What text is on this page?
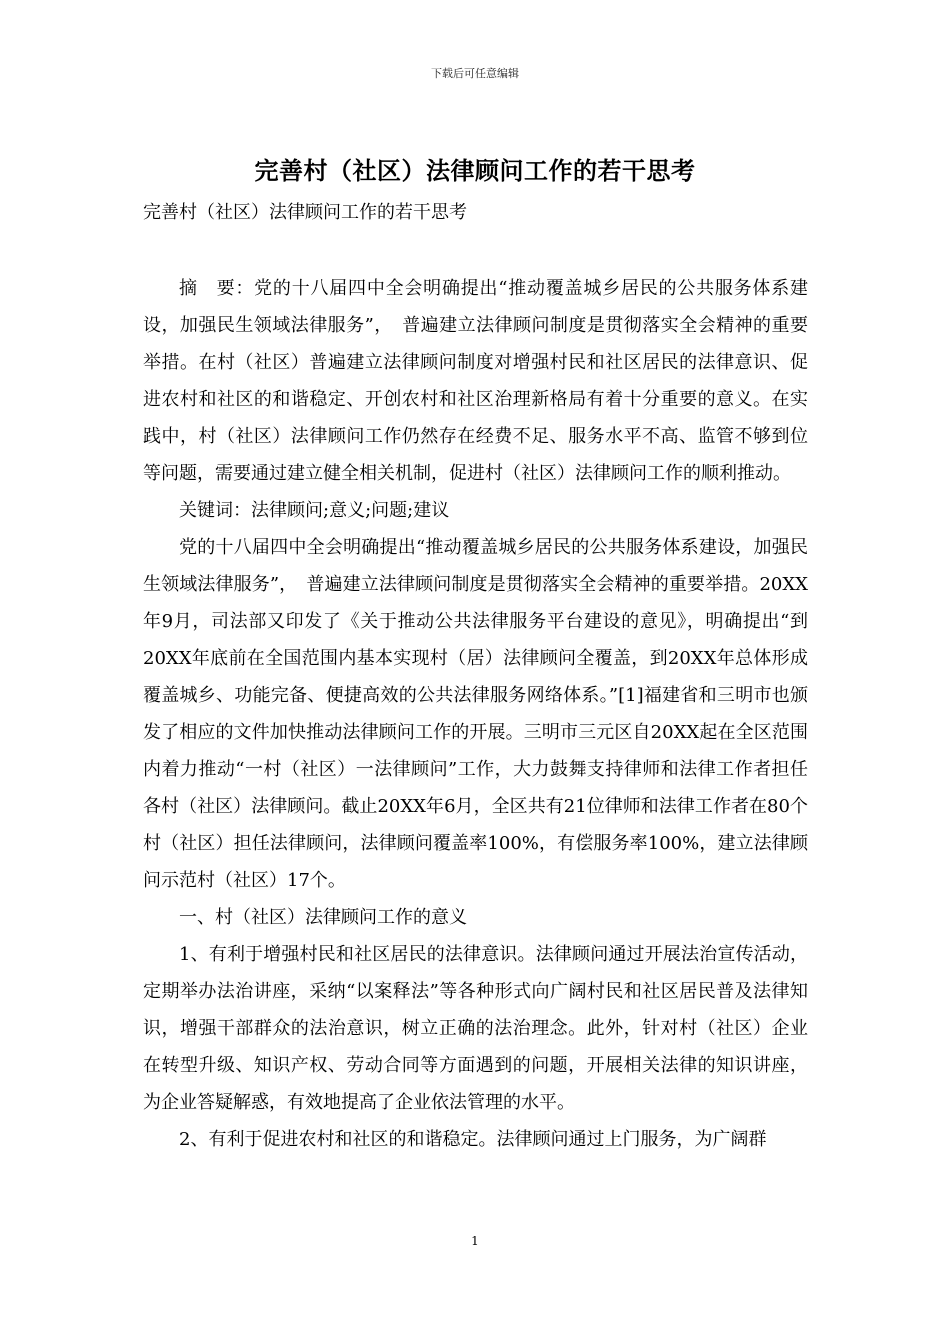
下载后可任意编辑
完善村（社区）法律顾问工作的若干思考
完善村（社区）法律顾问工作的若干思考

摘　要：党的十八届四中全会明确提出“推动覆盖城乡居民的公共服务体系建设，加强民生领域法律服务”，　普遍建立法律顾问制度是贯彻落实全会精神的重要举措。在村（社区）普遍建立法律顾问制度对增强村民和社区居民的法律意识、促进农村和社区的和谐稳定、开创农村和社区治理新格局有着十分重要的意义。在实践中，村（社区）法律顾问工作仍然存在经费不足、服务水平不高、监管不够到位等问题，需要通过建立健全相关机制，促进村（社区）法律顾问工作的顺利推动。

关键词：法律顾问;意义;问题;建议

党的十八届四中全会明确提出“推动覆盖城乡居民的公共服务体系建设，加强民生领域法律服务”，　普遍建立法律顾问制度是贯彻落实全会精神的重要举措。20XX年9月，司法部又印发了《关于推动公共法律服务平台建设的意见》，明确提出“到20XX年底前在全国范围内基本实现村（居）法律顾问全覆盖，到20XX年总体形成覆盖城乡、功能完备、便捷高效的公共法律服务网络体系。”[1]福建省和三明市也颁发了相应的文件加快推动法律顾问工作的开展。三明市三元区自20XX起在全区范围内着力推动“一村（社区）一法律顾问”工作，大力鼓舞支持律师和法律工作者担任各村（社区）法律顾问。截止20XX年6月，全区共有21位律师和法律工作者在80个村（社区）担任法律顾问，法律顾问覆盖率100%，有偿服务率100%，建立法律顾问示范村（社区）17个。

一、村（社区）法律顾问工作的意义

1、有利于增强村民和社区居民的法律意识。法律顾问通过开展法治宣传活动，定期举办法治讲座，采纳“以案释法”等各种形式向广阔村民和社区居民普及法律知识，增强干部群众的法治意识，树立正确的法治理念。此外，针对村（社区）企业在转型升级、知识产权、劳动合同等方面遇到的问题，开展相关法律的知识讲座，为企业答疑解惑，有效地提高了企业依法管理的水平。

2、有利于促进农村和社区的和谐稳定。法律顾问通过上门服务，为广阔群

1
